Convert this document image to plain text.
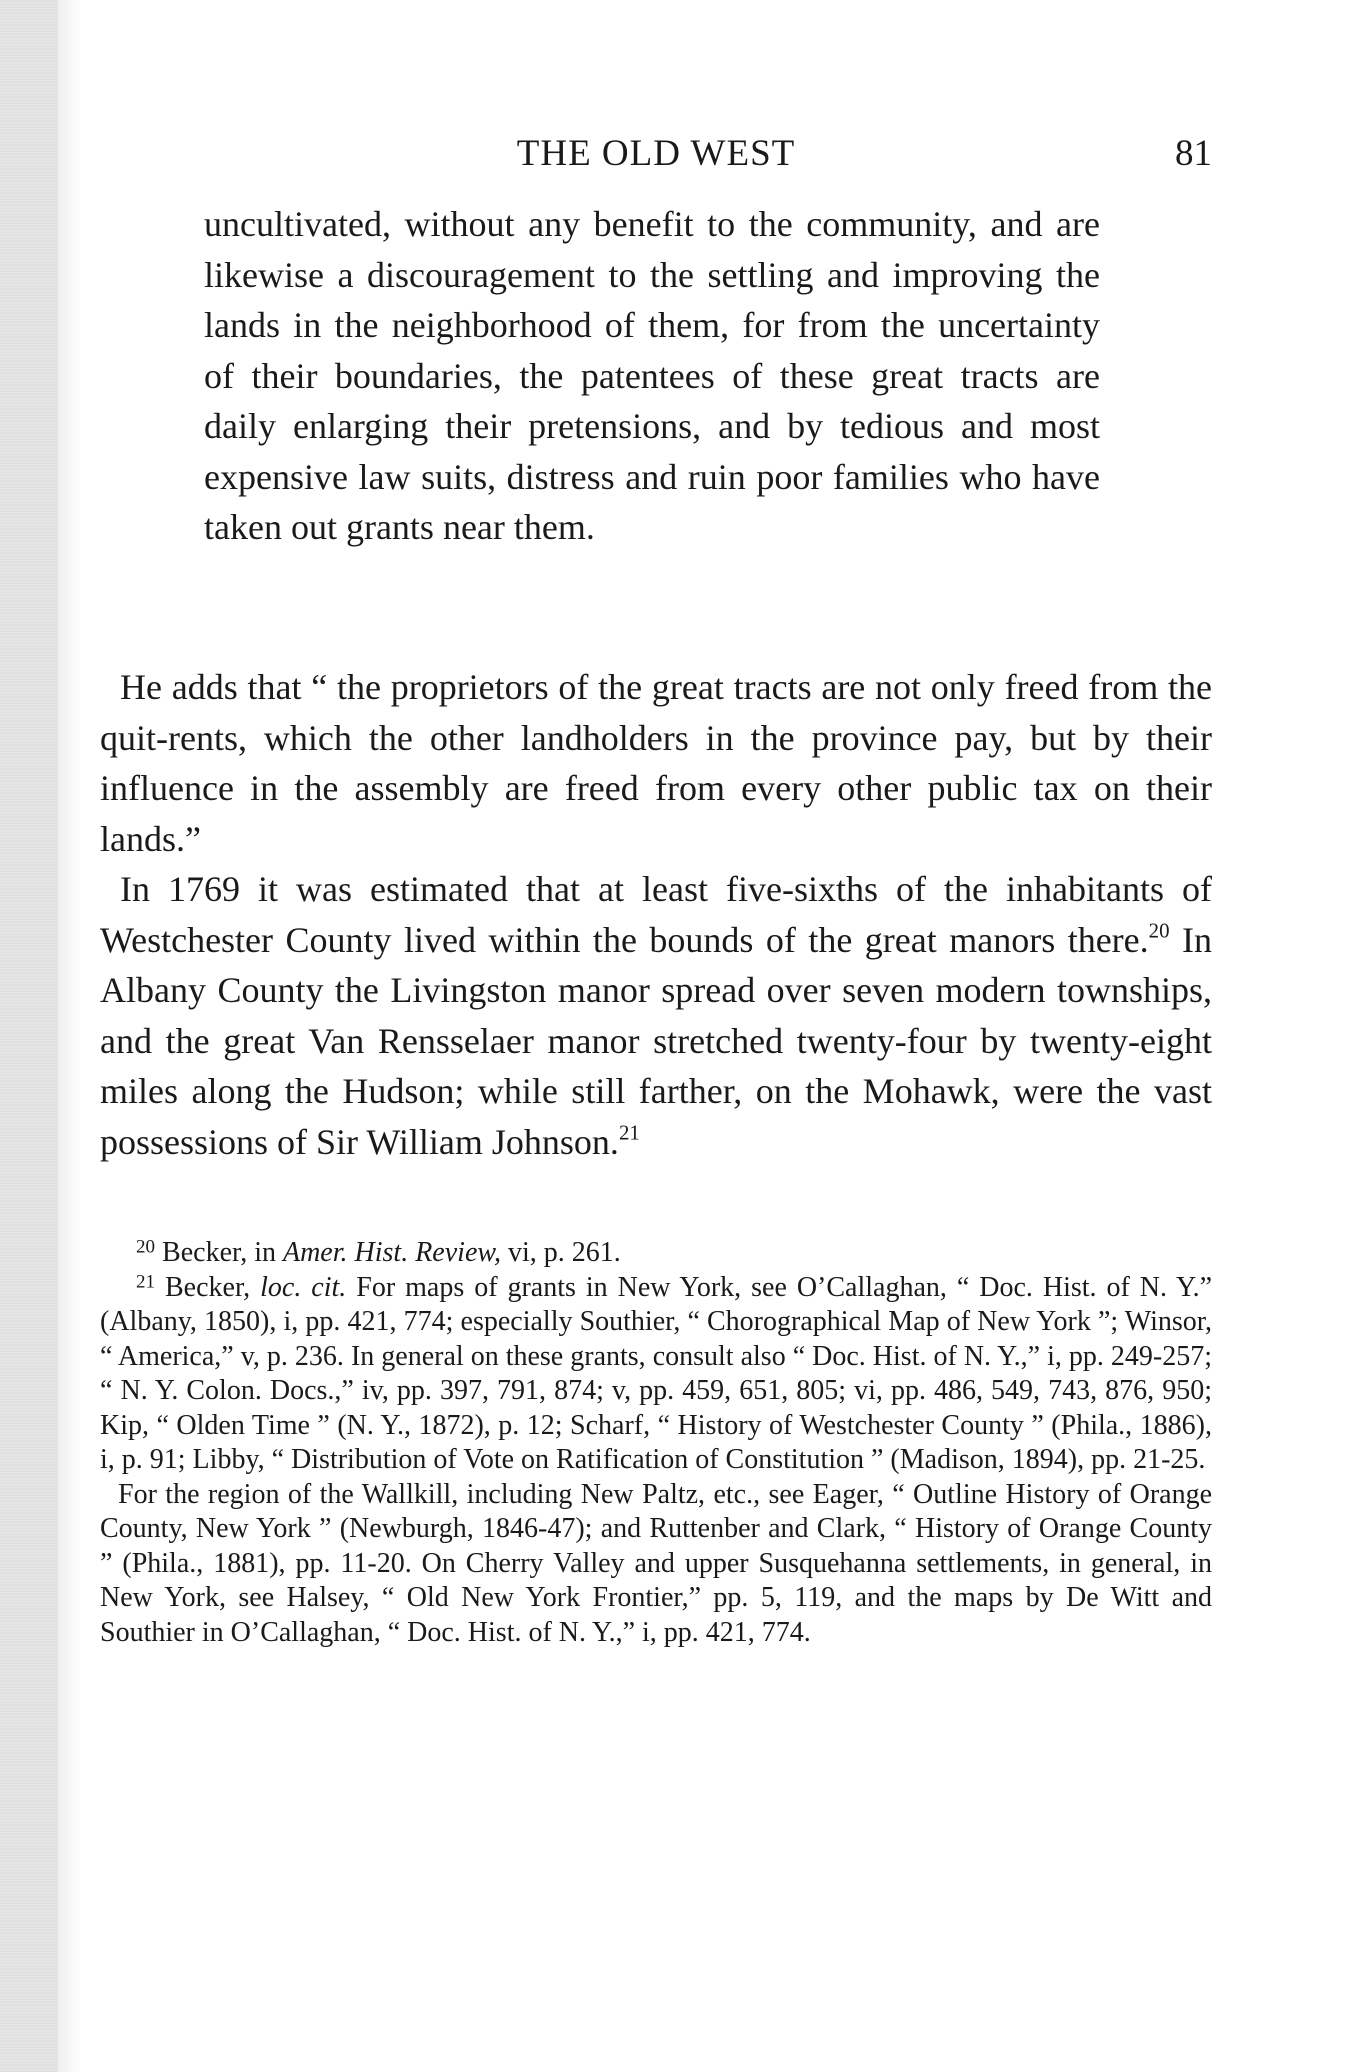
THE OLD WEST	81
uncultivated, without any benefit to the community, and are likewise a discouragement to the settling and improving the lands in the neighborhood of them, for from the uncertainty of their boundaries, the patentees of these great tracts are daily enlarging their pretensions, and by tedious and most expensive law suits, distress and ruin poor families who have taken out grants near them.

He adds that “ the proprietors of the great tracts are not only freed from the quit-rents, which the other landholders in the province pay, but by their influence in the assembly are freed from every other public tax on their lands.”

In 1769 it was estimated that at least five-sixths of the inhabitants of Westchester County lived within the bounds of the great manors there.$^{20}$ In Albany County the Livingston manor spread over seven modern townships, and the great Van Rensselaer manor stretched twenty-four by twenty-eight miles along the Hudson; while still farther, on the Mohawk, were the vast possessions of Sir William Johnson.$^{21}$

$^{20}$ Becker, in Amer. Hist. Review, vi, p. 261.

$^{21}$ Becker, loc. cit. For maps of grants in New York, see O’Callaghan, “ Doc. Hist. of N. Y.” (Albany, 1850), i, pp. 421, 774; especially Southier, “ Chorographical Map of New York ”; Winsor, “ America,” v, p. 236. In general on these grants, consult also “ Doc. Hist. of N. Y.,” i, pp. 249-257; “ N. Y. Colon. Docs.,” iv, pp. 397, 791, 874; v, pp. 459, 651, 805; vi, pp. 486, 549, 743, 876, 950; Kip, “ Olden Time ” (N. Y., 1872), p. 12; Scharf, “ History of Westchester County ” (Phila., 1886), i, p. 91; Libby, “ Distribution of Vote on Ratification of Constitution ” (Madison, 1894), pp. 21-25.

For the region of the Wallkill, including New Paltz, etc., see Eager, “ Outline History of Orange County, New York ” (Newburgh, 1846-47); and Ruttenber and Clark, “ History of Orange County ” (Phila., 1881), pp. 11-20. On Cherry Valley and upper Susquehanna settlements, in general, in New York, see Halsey, “ Old New York Frontier,” pp. 5, 119, and the maps by De Witt and Southier in O’Callaghan, “ Doc. Hist. of N. Y.,” i, pp. 421, 774.
